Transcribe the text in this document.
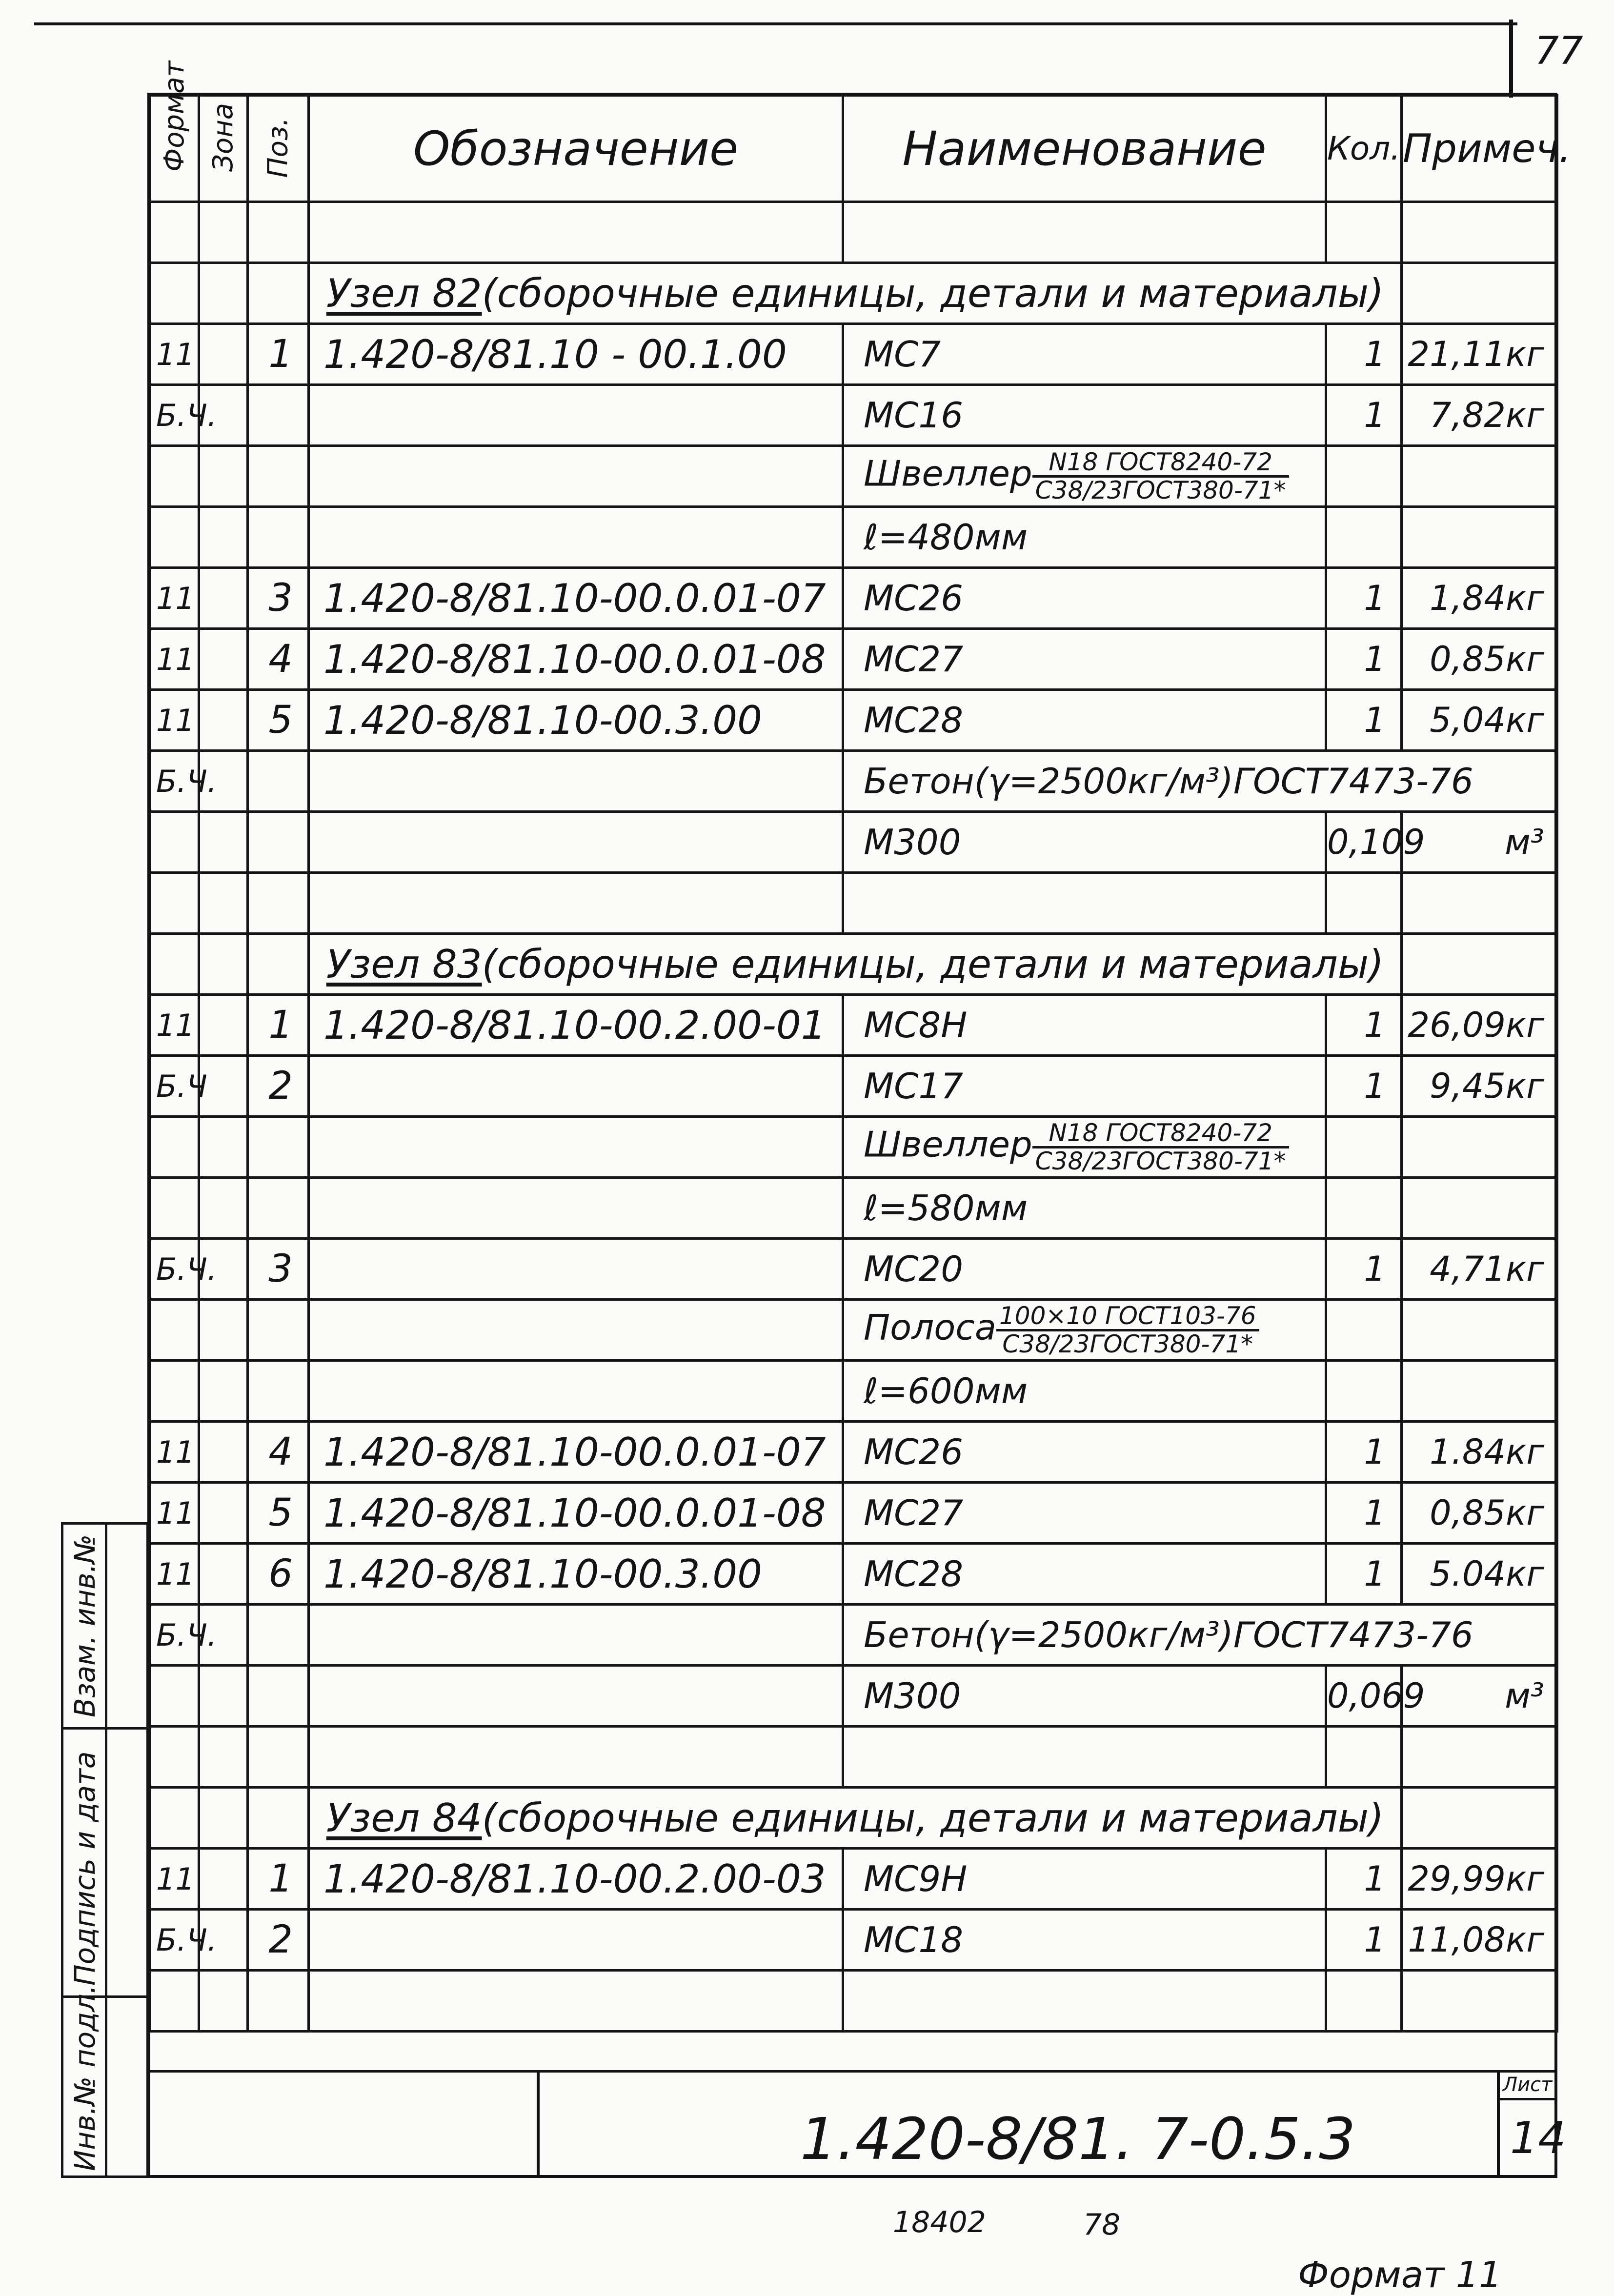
77
Формат	Зона	Поз.	Обозначение	Наименование	Кол.	Примеч.

			Узел 82(сборочные единицы, детали и материалы)			
11		1	1.420-8/81.10 - 00.1.00	МС7	1	21,11кг
Б.Ч.				МС16	1	7,82кг
				Швеллер $\frac{\text{N18 ГОСТ8240-72}}{\text{С38/23ГОСТ380-71*}}$

				ℓ=480мм		
11		3	1.420-8/81.10-00.0.01-07	МС26	1	1,84кг
11		4	1.420-8/81.10-00.0.01-08	МС27	1	0,85кг
11		5	1.420-8/81.10-00.3.00	МС28	1	5,04кг
Б.Ч.				Бетон(γ=2500кг/м³)ГОСТ7473-76		
				М300	0,109	м³

			Узел 83(сборочные единицы, детали и материалы)			
11		1	1.420-8/81.10-00.2.00-01	МС8Н	1	26,09кг
Б.Ч		2		МС17	1	9,45кг
				Швеллер $\frac{\text{N18 ГОСТ8240-72}}{\text{С38/23ГОСТ380-71*}}$

				ℓ=580мм		
Б.Ч.		3		МС20	1	4,71кг
				Полоса $\frac{\text{100×10 ГОСТ103-76}}{\text{С38/23ГОСТ380-71*}}$

				ℓ=600мм		
11		4	1.420-8/81.10-00.0.01-07	МС26	1	1.84кг
11		5	1.420-8/81.10-00.0.01-08	МС27	1	0,85кг
11		6	1.420-8/81.10-00.3.00	МС28	1	5.04кг
Б.Ч.				Бетон(γ=2500кг/м³)ГОСТ7473-76		
				М300	0,069	м³

			Узел 84(сборочные единицы, детали и материалы)			
11		1	1.420-8/81.10-00.2.00-03	МС9Н	1	29,99кг
Б.Ч.		2		МС18	1	11,08кг

1.420-8/81. 7-0.5.3
Лист
14
Инв.№ подл.
Подпись и дата
Взам. инв.№
18402	78
Формат 11
